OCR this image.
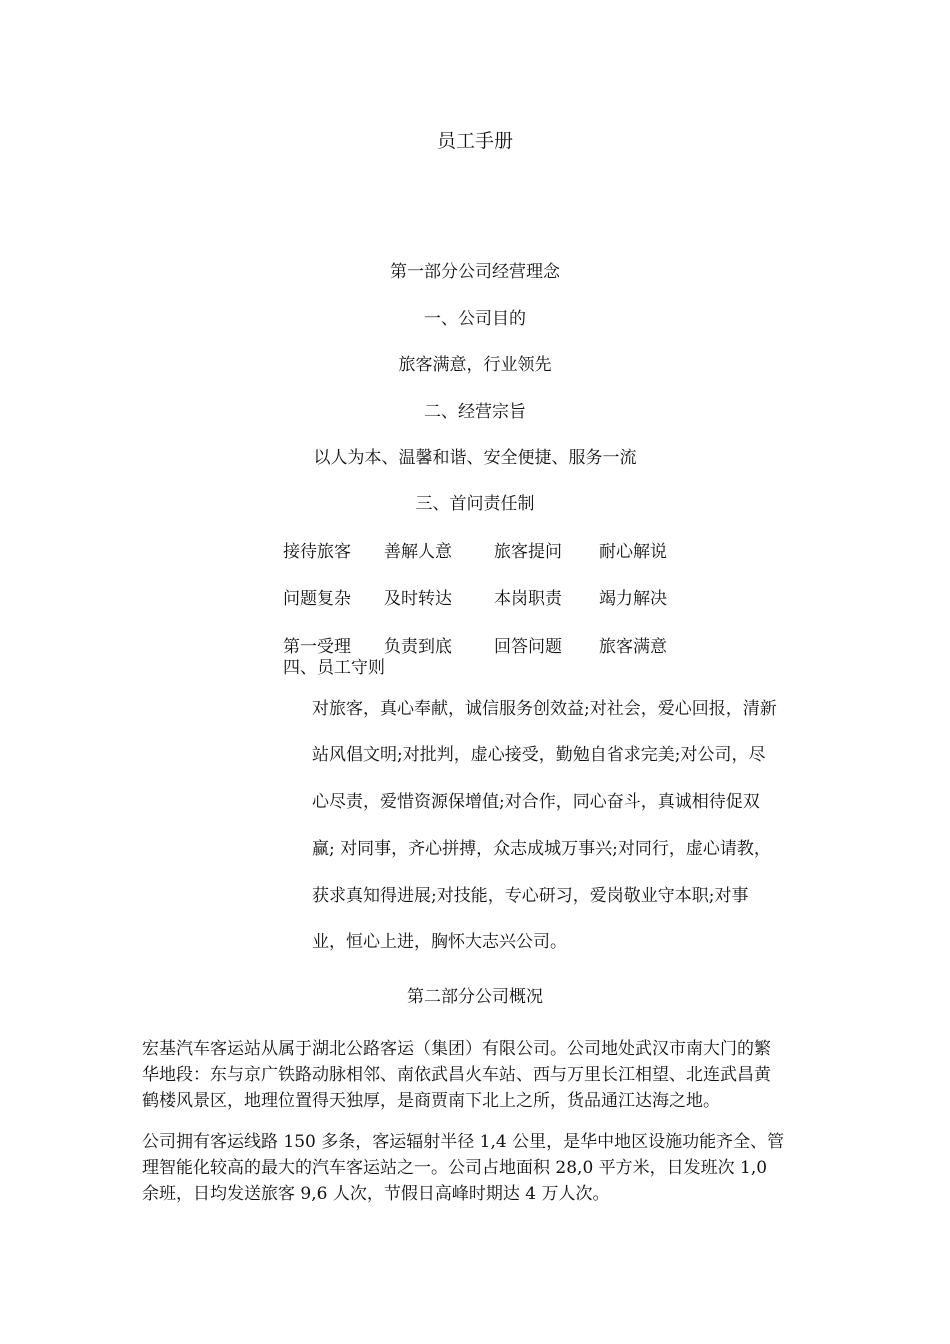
员工手册
第一部分公司经营理念
一、公司目的
旅客满意，行业领先
二、经营宗旨
以人为本、温馨和谐、安全便捷、服务一流
三、首问责任制
接待旅客 善解人意 旅客提问 耐心解说
问题复杂 及时转达 本岗职责 竭力解决
第一受理 负责到底 回答问题 旅客满意
四、员工守则
对旅客，真心奉献，诚信服务创效益;对社会，爱心回报，清新
站风倡文明;对批判，虚心接受，勤勉自省求完美;对公司，尽
心尽责，爱惜资源保增值;对合作，同心奋斗，真诚相待促双
赢; 对同事，齐心拼搏，众志成城万事兴;对同行，虚心请教，
获求真知得进展;对技能，专心研习，爱岗敬业守本职;对事
业，恒心上进，胸怀大志兴公司。
第二部分公司概况
宏基汽车客运站从属于湖北公路客运（集团）有限公司。公司地处武汉市南大门的繁
华地段：东与京广铁路动脉相邻、南依武昌火车站、西与万里长江相望、北连武昌黄
鹤楼风景区，地理位置得天独厚，是商贾南下北上之所，货品通江达海之地。
公司拥有客运线路 150 多条，客运辐射半径 1,4 公里，是华中地区设施功能齐全、管
理智能化较高的最大的汽车客运站之一。公司占地面积 28,0 平方米，日发班次 1,0
余班，日均发送旅客 9,6 人次，节假日高峰时期达 4 万人次。
